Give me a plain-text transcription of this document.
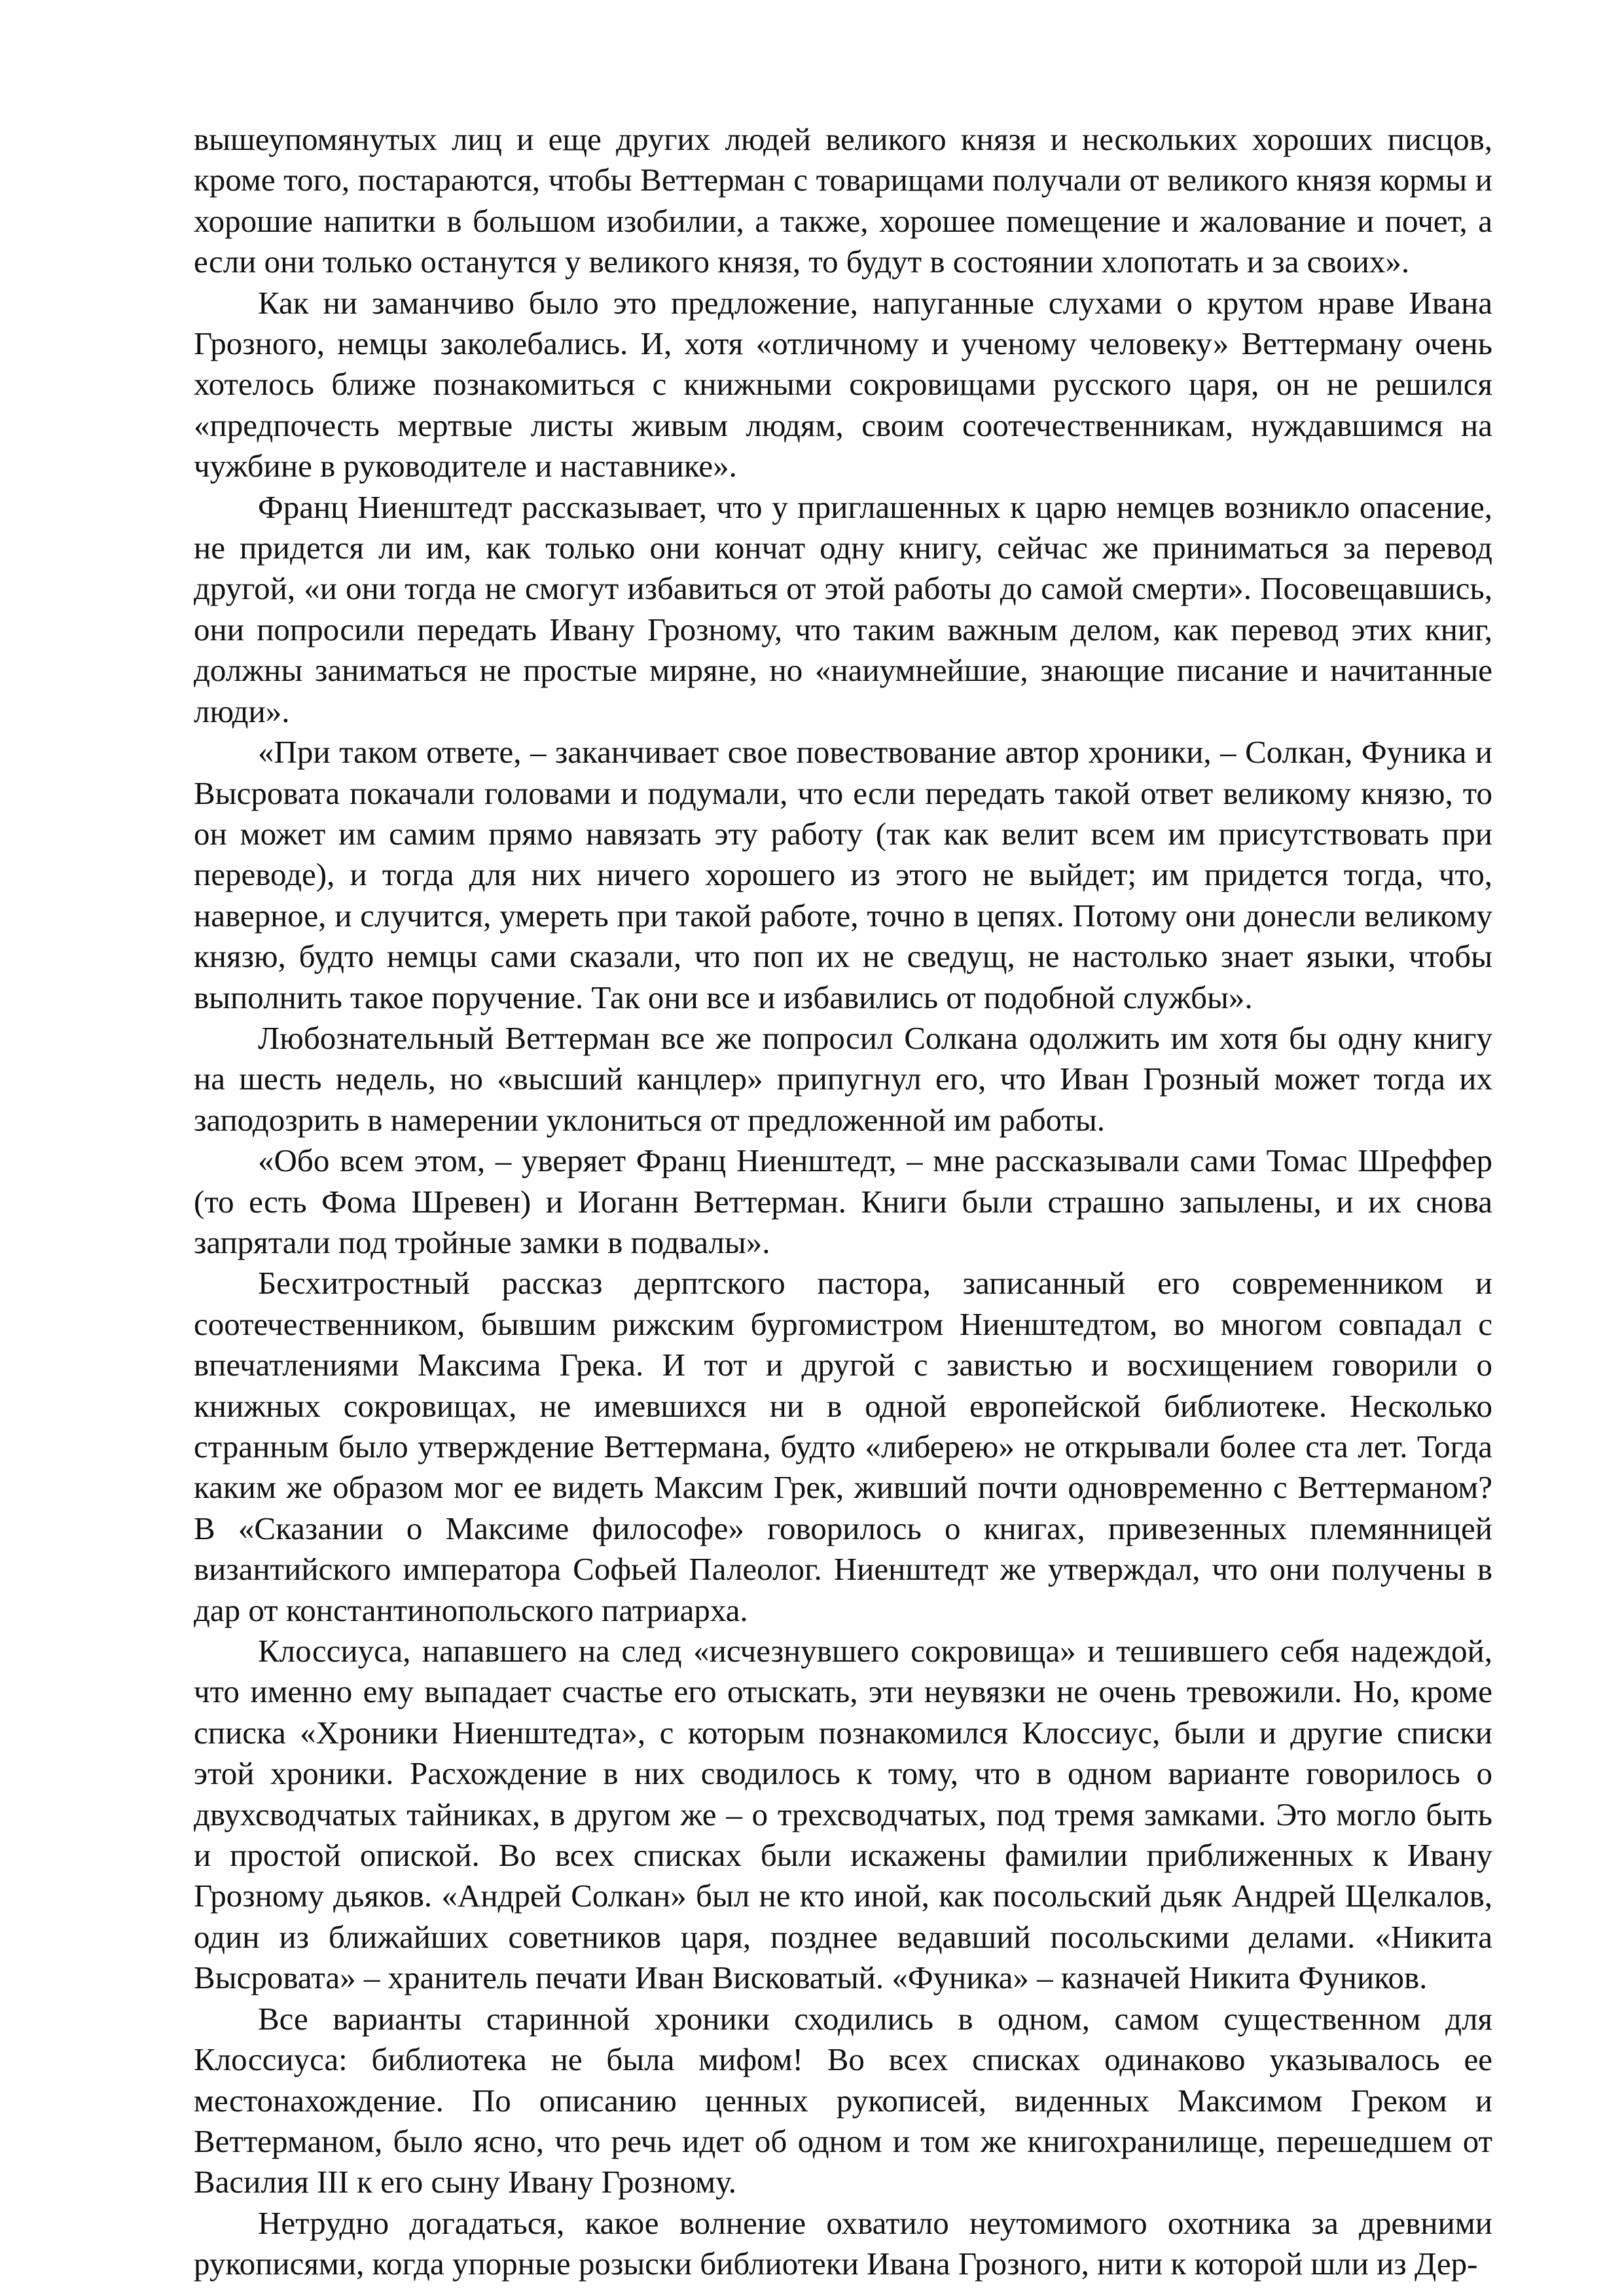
вышеупомянутых лиц и еще других людей великого князя и нескольких хороших писцов, кроме того, постараются, чтобы Веттерман с товарищами получали от великого князя кормы и хорошие напитки в большом изобилии, а также, хорошее помещение и жалование и почет, а если они только останутся у великого князя, то будут в состоянии хлопотать и за своих».

Как ни заманчиво было это предложение, напуганные слухами о крутом нраве Ивана Грозного, немцы заколебались. И, хотя «отличному и ученому человеку» Веттерману очень хотелось ближе познакомиться с книжными сокровищами русского царя, он не решился «предпочесть мертвые листы живым людям, своим соотечественникам, нуждавшимся на чужбине в руководителе и наставнике».

Франц Ниенштедт рассказывает, что у приглашенных к царю немцев возникло опасение, не придется ли им, как только они кончат одну книгу, сейчас же приниматься за перевод другой, «и они тогда не смогут избавиться от этой работы до самой смерти». Посовещавшись, они попросили передать Ивану Грозному, что таким важным делом, как перевод этих книг, должны заниматься не простые миряне, но «наиумнейшие, знающие писание и начитанные люди».

«При таком ответе, – заканчивает свое повествование автор хроники, – Солкан, Фуника и Высровата покачали головами и подумали, что если передать такой ответ великому князю, то он может им самим прямо навязать эту работу (так как велит всем им присутствовать при переводе), и тогда для них ничего хорошего из этого не выйдет; им придется тогда, что, наверное, и случится, умереть при такой работе, точно в цепях. Потому они донесли великому князю, будто немцы сами сказали, что поп их не сведущ, не настолько знает языки, чтобы выполнить такое поручение. Так они все и избавились от подобной службы».

Любознательный Веттерман все же попросил Солкана одолжить им хотя бы одну книгу на шесть недель, но «высший канцлер» припугнул его, что Иван Грозный может тогда их заподозрить в намерении уклониться от предложенной им работы.

«Обо всем этом, – уверяет Франц Ниенштедт, – мне рассказывали сами Томас Шреффер (то есть Фома Шревен) и Иоганн Веттерман. Книги были страшно запылены, и их снова запрятали под тройные замки в подвалы».

Бесхитростный рассказ дерптского пастора, записанный его современником и соотечественником, бывшим рижским бургомистром Ниенштедтом, во многом совпадал с впечатлениями Максима Грека. И тот и другой с завистью и восхищением говорили о книжных сокровищах, не имевшихся ни в одной европейской библиотеке. Несколько странным было утверждение Веттермана, будто «либерею» не открывали более ста лет. Тогда каким же образом мог ее видеть Максим Грек, живший почти одновременно с Веттерманом? В «Сказании о Максиме философе» говорилось о книгах, привезенных племянницей византийского императора Софьей Палеолог. Ниенштедт же утверждал, что они получены в дар от константинопольского патриарха.

Клоссиуса, напавшего на след «исчезнувшего сокровища» и тешившего себя надеждой, что именно ему выпадает счастье его отыскать, эти неувязки не очень тревожили. Но, кроме списка «Хроники Ниенштедта», с которым познакомился Клоссиус, были и другие списки этой хроники. Расхождение в них сводилось к тому, что в одном варианте говорилось о двухсводчатых тайниках, в другом же – о трехсводчатых, под тремя замками. Это могло быть и простой опиской. Во всех списках были искажены фамилии приближенных к Ивану Грозному дьяков. «Андрей Солкан» был не кто иной, как посольский дьяк Андрей Щелкалов, один из ближайших советников царя, позднее ведавший посольскими делами. «Никита Высровата» – хранитель печати Иван Висковатый. «Фуника» – казначей Никита Фуников.

Все варианты старинной хроники сходились в одном, самом существенном для Клоссиуса: библиотека не была мифом! Во всех списках одинаково указывалось ее местонахождение. По описанию ценных рукописей, виденных Максимом Греком и Веттерманом, было ясно, что речь идет об одном и том же книгохранилище, перешедшем от Василия III к его сыну Ивану Грозному.

Нетрудно догадаться, какое волнение охватило неутомимого охотника за древними рукописями, когда упорные розыски библиотеки Ивана Грозного, нити к которой шли из Дер-
